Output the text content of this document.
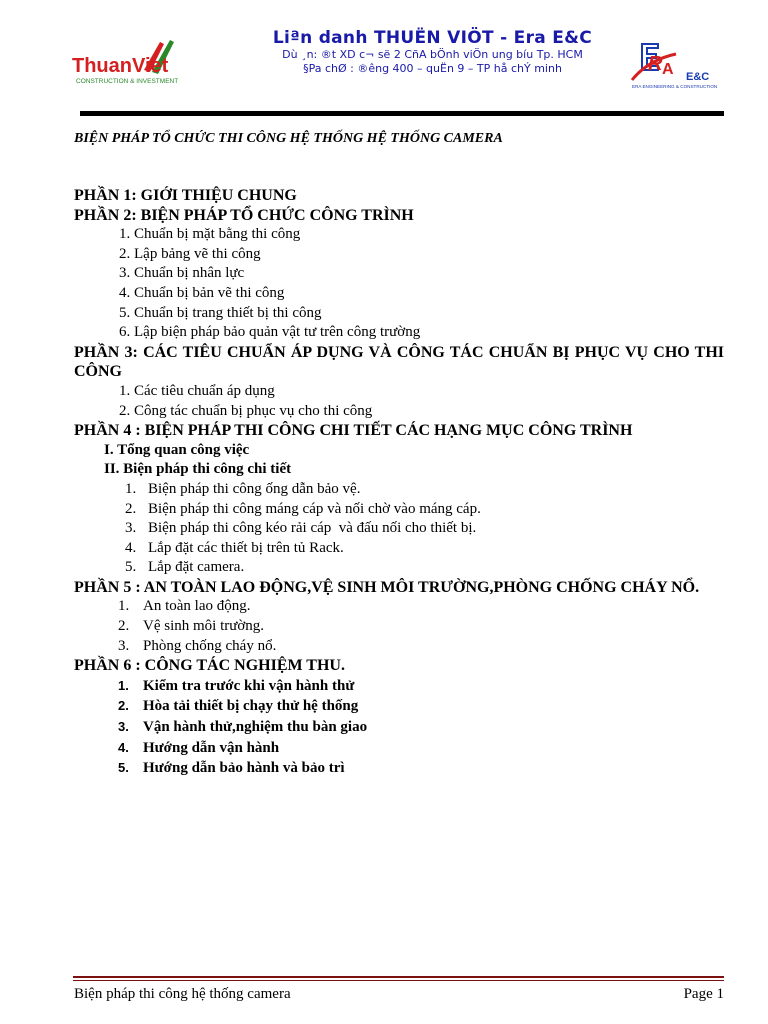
ThuanViet
CONSTRUCTION & INVESTMENT
Liªn danh THUËN VIÖT - Era E&C
Dù ¸n: ®t XD c¬ së 2 CñA bÖnh viÖn ung bíu Tp. HCM
§Pa chØ : ®êng 400 – quËn 9 – TP hå chÝ minh	R A E&C
ERA ENGINEERING & CONSTRUCTION
BIỆN PHÁP TỔ CHỨC THI CÔNG HỆ THỐNG HỆ THỐNG CAMERA
PHẦN 1: GIỚI THIỆU CHUNG
PHẦN 2: BIỆN PHÁP TỔ CHỨC CÔNG TRÌNH
1. Chuẩn bị mặt bằng thi công
2. Lập bảng vẽ thi công
3. Chuẩn bị nhân lực
4. Chuẩn bị bản vẽ thi công
5. Chuẩn bị trang thiết bị thi công
6. Lập biện pháp bảo quản vật tư trên công trường
PHẦN 3: CÁC TIÊU CHUẨN ÁP DỤNG VÀ CÔNG TÁC CHUẨN BỊ PHỤC VỤ CHO THI CÔNG
1. Các tiêu chuẩn áp dụng
2. Công tác chuẩn bị phục vụ cho thi công
PHẦN 4 : BIỆN PHÁP THI CÔNG CHI TIẾT CÁC HẠNG MỤC CÔNG TRÌNH
I. Tổng quan công việc
II. Biện pháp thi công chi tiết
1. Biện pháp thi công ống dẫn bảo vệ.
2. Biện pháp thi công máng cáp và nối chờ vào máng cáp.
3. Biện pháp thi công kéo rải cáp  và đấu nối cho thiết bị.
4. Lắp đặt các thiết bị trên tủ Rack.
5. Lắp đặt camera.
PHẦN 5 : AN TOÀN LAO ĐỘNG,VỆ SINH MÔI TRƯỜNG,PHÒNG CHỐNG CHÁY NỔ.
1. An toàn lao động.
2. Vệ sinh môi trường.
3. Phòng chống cháy nổ.
PHẦN 6 : CÔNG TÁC NGHIỆM THU.
1. Kiểm tra trước khi vận hành thử
2. Hòa tải thiết bị chạy thử hệ thống
3. Vận hành thử,nghiệm thu bàn giao
4. Hướng dẫn vận hành
5. Hướng dẫn bảo hành và bảo trì
Biện pháp thi công hệ thống camera	Page 1
